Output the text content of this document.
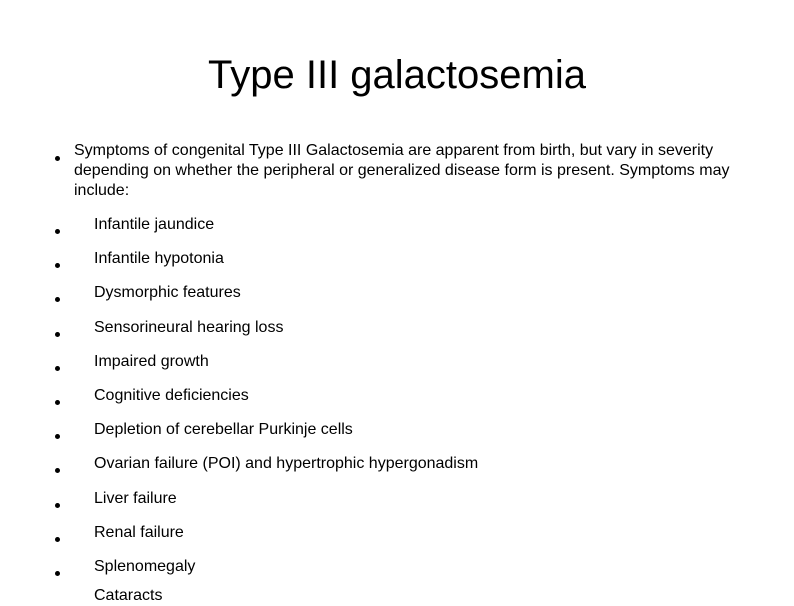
Type III galactosemia
Symptoms of congenital Type III Galactosemia are apparent from birth, but vary in severity depending on whether the peripheral or generalized disease form is present. Symptoms may include:
Infantile jaundice
Infantile hypotonia
Dysmorphic features
Sensorineural hearing loss
Impaired growth
Cognitive deficiencies
Depletion of cerebellar Purkinje cells
Ovarian failure (POI) and hypertrophic hypergonadism
Liver failure
Renal failure
Splenomegaly
Cataracts
